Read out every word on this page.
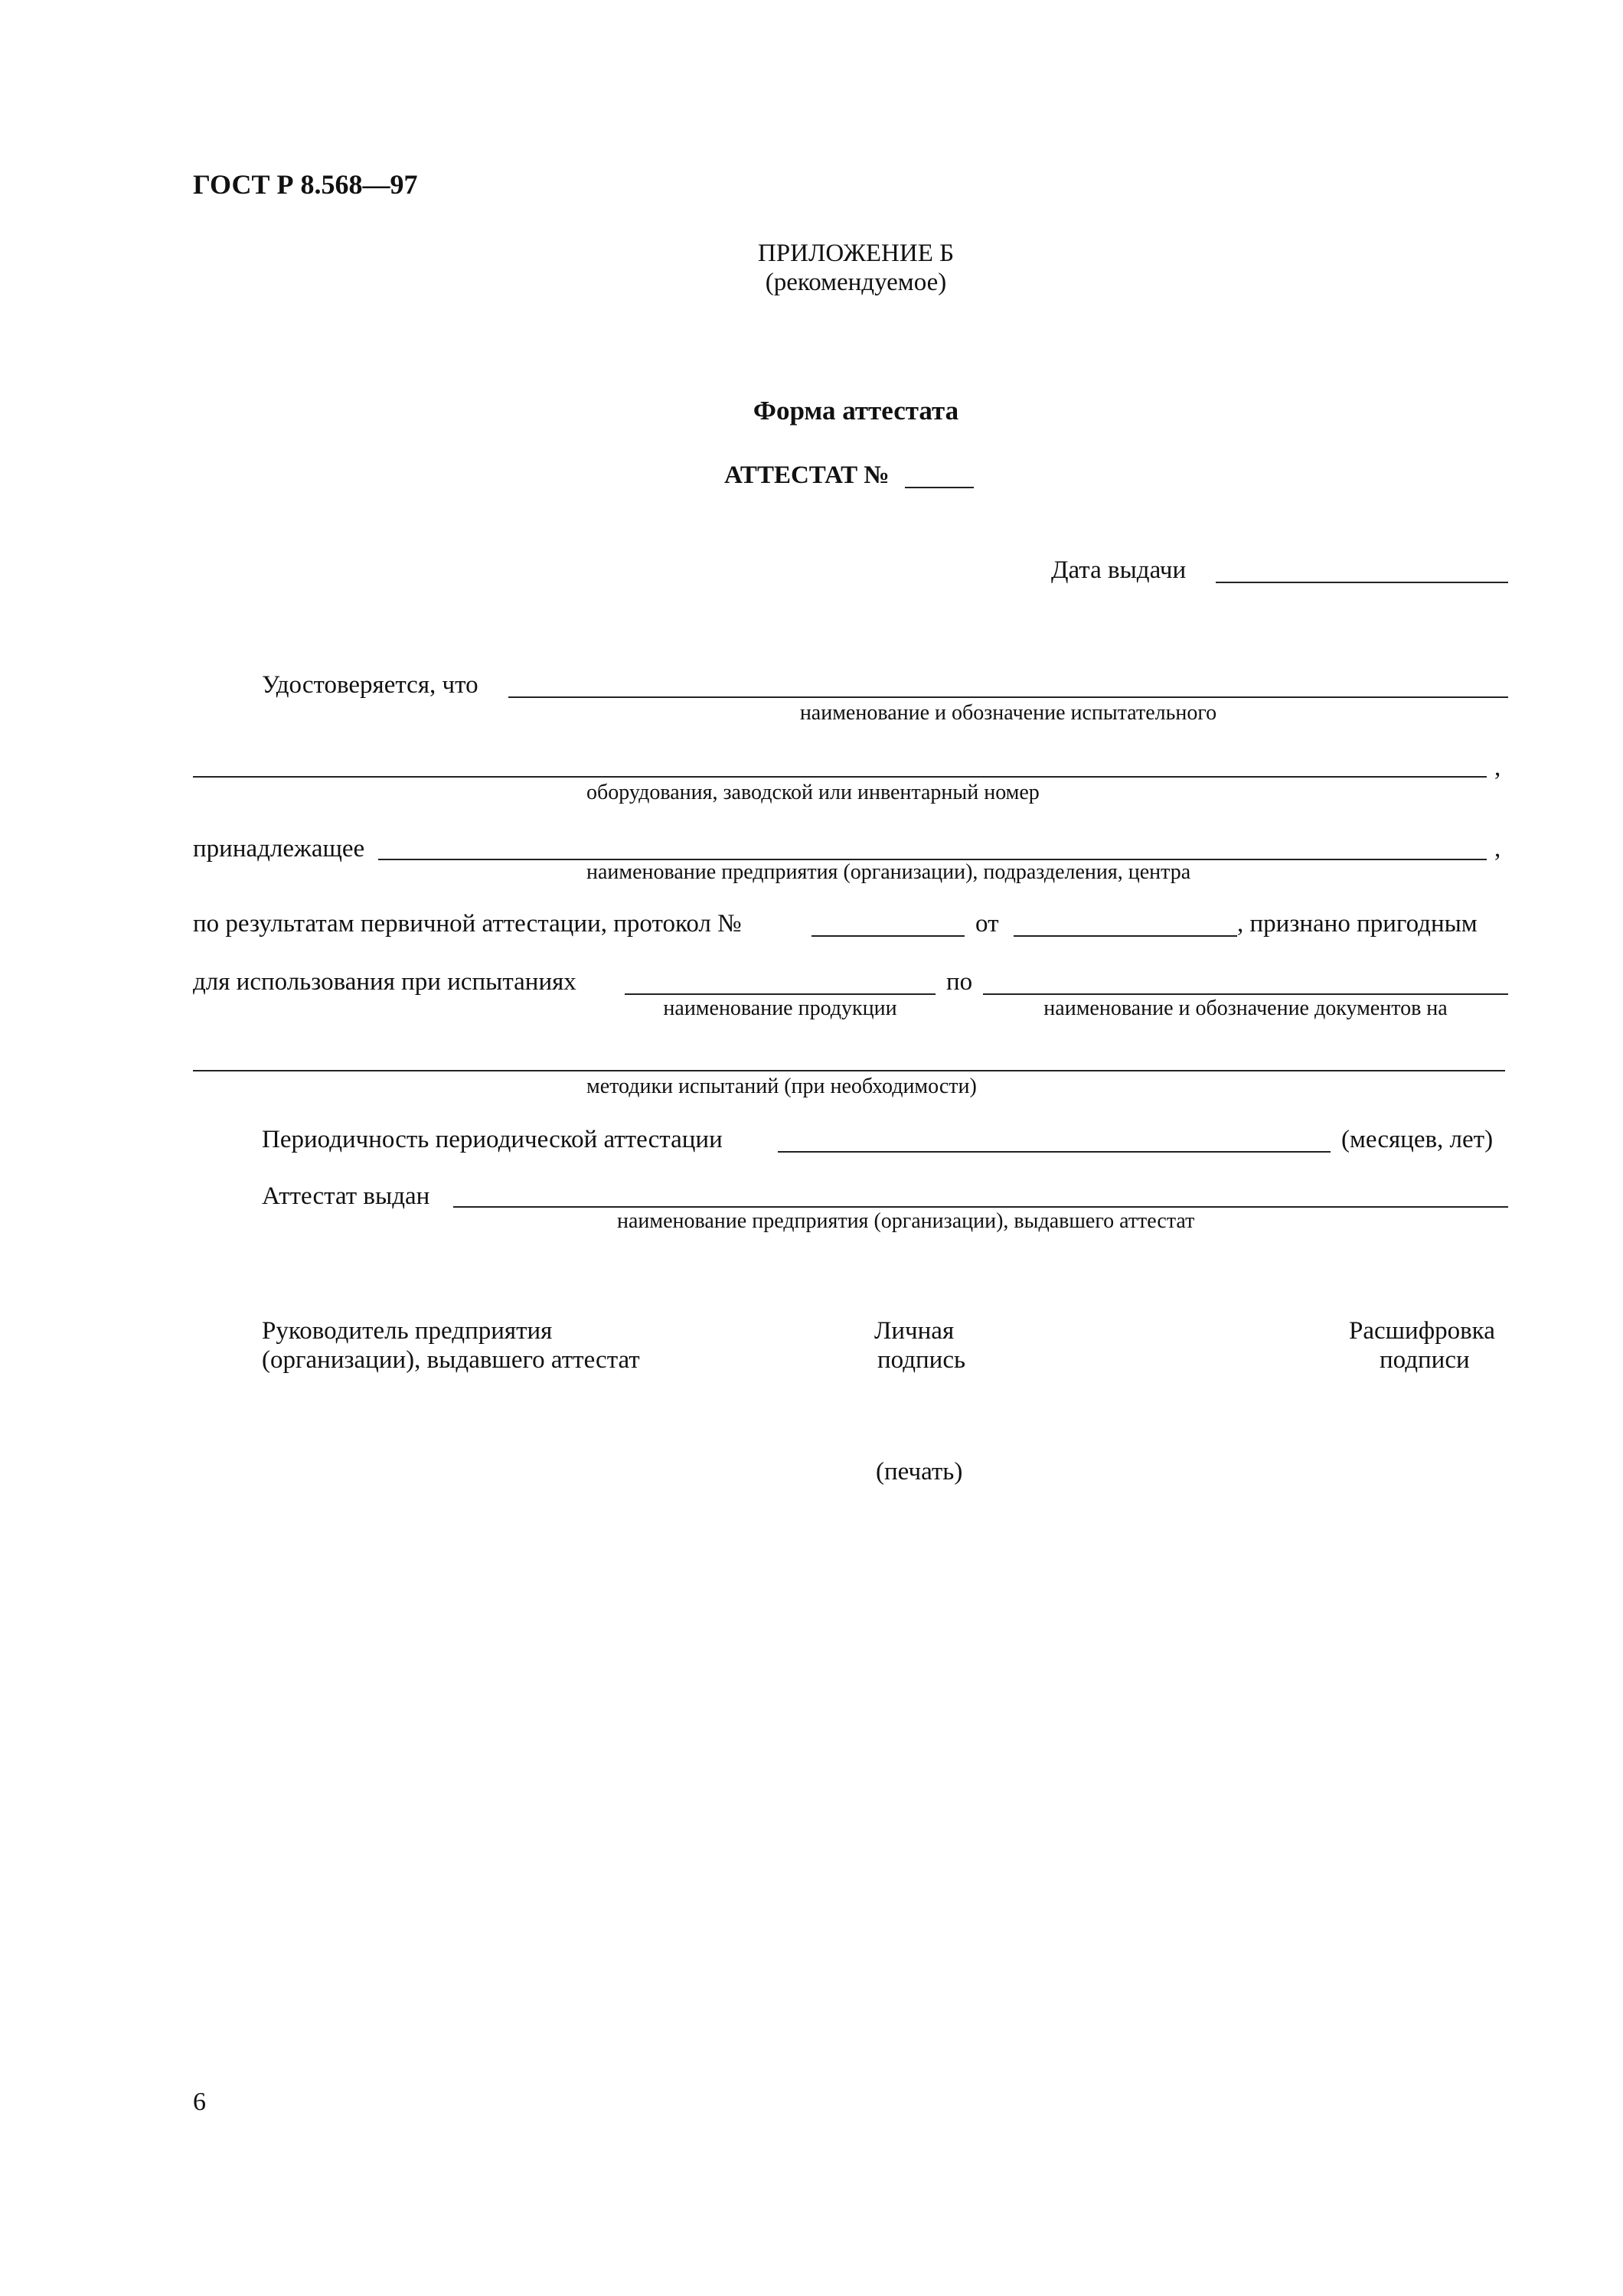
ГОСТ Р 8.568—97
ПРИЛОЖЕНИЕ Б
(рекомендуемое)
Форма аттестата
АТТЕСТАТ №
Дата выдачи
Удостоверяется, что
наименование и обозначение испытательного
,
оборудования, заводской или инвентарный номер
принадлежащее	,
наименование предприятия (организации), подразделения, центра
по результатам первичной аттестации, протокол №	от	, признано пригодным
для использования при испытаниях
наименование продукции
по
наименование и обозначение документов на
методики испытаний (при необходимости)
Периодичность периодической аттестации	(месяцев, лет)
Аттестат выдан
наименование предприятия (организации), выдавшего аттестат
Руководитель предприятия
(организации), выдавшего аттестат
Личная
подпись
Расшифровка
подписи
(печать)
6
